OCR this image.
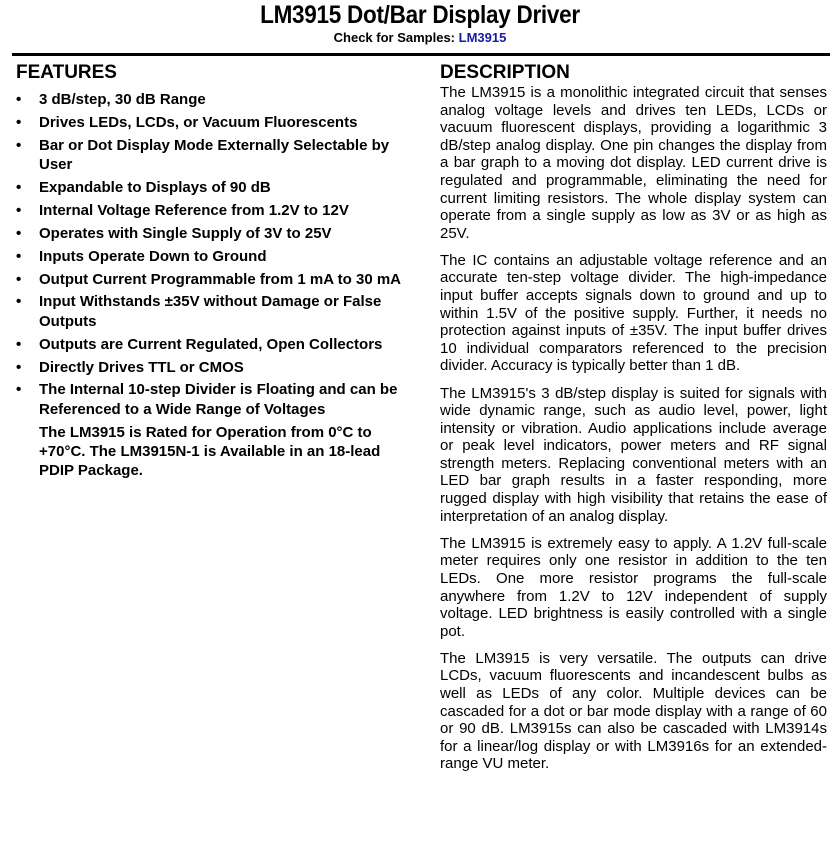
LM3915 Dot/Bar Display Driver
Check for Samples: LM3915
FEATURES
• 3 dB/step, 30 dB Range
• Drives LEDs, LCDs, or Vacuum Fluorescents
• Bar or Dot Display Mode Externally Selectable by User
• Expandable to Displays of 90 dB
• Internal Voltage Reference from 1.2V to 12V
• Operates with Single Supply of 3V to 25V
• Inputs Operate Down to Ground
• Output Current Programmable from 1 mA to 30 mA
• Input Withstands ±35V without Damage or False Outputs
• Outputs are Current Regulated, Open Collectors
• Directly Drives TTL or CMOS
• The Internal 10-step Divider is Floating and can be Referenced to a Wide Range of Voltages

The LM3915 is Rated for Operation from 0°C to +70°C. The LM3915N-1 is Available in an 18-lead PDIP Package.

DESCRIPTION

The LM3915 is a monolithic integrated circuit that senses analog voltage levels and drives ten LEDs, LCDs or vacuum fluorescent displays, providing a logarithmic 3 dB/step analog display. One pin changes the display from a bar graph to a moving dot display. LED current drive is regulated and programmable, eliminating the need for current limiting resistors. The whole display system can operate from a single supply as low as 3V or as high as 25V.

The IC contains an adjustable voltage reference and an accurate ten-step voltage divider. The high-impedance input buffer accepts signals down to ground and up to within 1.5V of the positive supply. Further, it needs no protection against inputs of ±35V. The input buffer drives 10 individual comparators referenced to the precision divider. Accuracy is typically better than 1 dB.

The LM3915's 3 dB/step display is suited for signals with wide dynamic range, such as audio level, power, light intensity or vibration. Audio applications include average or peak level indicators, power meters and RF signal strength meters. Replacing conventional meters with an LED bar graph results in a faster responding, more rugged display with high visibility that retains the ease of interpretation of an analog display.

The LM3915 is extremely easy to apply. A 1.2V full-scale meter requires only one resistor in addition to the ten LEDs. One more resistor programs the full-scale anywhere from 1.2V to 12V independent of supply voltage. LED brightness is easily controlled with a single pot.

The LM3915 is very versatile. The outputs can drive LCDs, vacuum fluorescents and incandescent bulbs as well as LEDs of any color. Multiple devices can be cascaded for a dot or bar mode display with a range of 60 or 90 dB. LM3915s can also be cascaded with LM3914s for a linear/log display or with LM3916s for an extended-range VU meter.
